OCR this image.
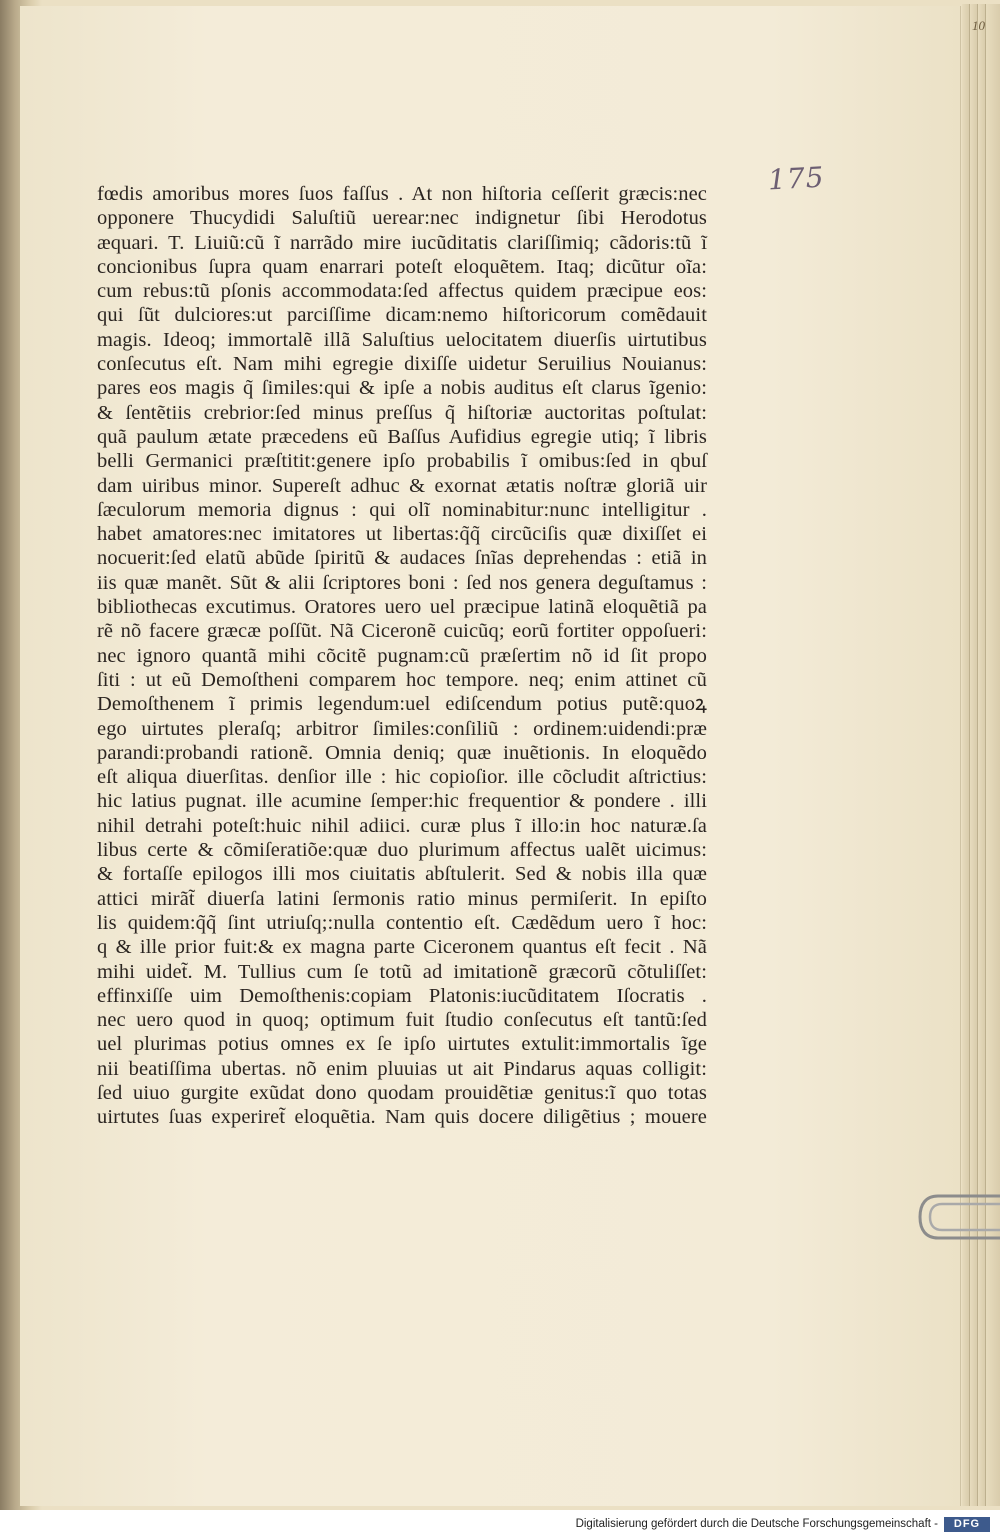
10
175
fœdis amoribus mores ſuos faſſus . At non hiſtoria ceſſerit græcis:nec
opponere Thucydidi Saluſtiũ uerear:nec indignetur ſibi Herodotus
æquari. T. Liuiũ:cũ ĩ narrãdo mire iucũditatis clariſſimiq; cãdoris:tũ ĩ
concionibus ſupra quam enarrari poteſt eloquẽtem. Itaq; dicũtur oĩa:
cum rebus:tũ pſonis accommodata:ſed affectus quidem præcipue eos:
qui ſũt dulciores:ut parciſſime dicam:nemo hiſtoricorum comẽdauit
magis. Ideoq; immortalẽ illã Saluſtius uelocitatem diuerſis uirtutibus
conſecutus eſt. Nam mihi egregie dixiſſe uidetur Seruilius Nouianus:
pares eos magis q̃ ſimiles:qui & ipſe a nobis auditus eſt clarus ĩgenio:
& ſentẽtiis crebrior:ſed minus preſſus q̃ hiſtoriæ auctoritas poſtulat:
quã paulum ætate præcedens eũ Baſſus Aufidius egregie utiq; ĩ libris
belli Germanici præſtitit:genere ipſo probabilis ĩ omibus:ſed in qbuſ
dam uiribus minor. Supereſt adhuc & exornat ætatis noſtræ gloriã uir
ſæculorum memoria dignus : qui olĩ nominabitur:nunc intelligitur .
habet amatores:nec imitatores ut libertas:q̃q̃ circũciſis quæ dixiſſet ei
nocuerit:ſed elatũ abũde ſpiritũ & audaces ſnĩas deprehendas : etiã in
iis quæ manẽt. Sũt & alii ſcriptores boni : ſed nos genera deguſtamus :
bibliothecas excutimus. Oratores uero uel præcipue latinã eloquẽtiã pa
rẽ nõ facere græcæ poſſũt. Nã Ciceronẽ cuicũq; eorũ fortiter oppoſueri:
nec ignoro quantã mihi cõcitẽ pugnam:cũ præſertim nõ id ſit propo
ſiti : ut eũ Demoſtheni comparem hoc tempore. neq; enim attinet cũ
Demoſthenem ĩ primis legendum:uel ediſcendum potius putẽ:quoꝝ
ego uirtutes pleraſq; arbitror ſimiles:conſiliũ : ordinem:uidendi:præ
parandi:probandi rationẽ. Omnia deniq; quæ inuẽtionis. In eloquẽdo
eſt aliqua diuerſitas. denſior ille : hic copioſior. ille cõcludit aſtrictius:
hic latius pugnat. ille acumine ſemper:hic frequentior & pondere . illi
nihil detrahi poteſt:huic nihil adiici. curæ plus ĩ illo:in hoc naturæ.ſa
libus certe & cõmiſeratiõe:quæ duo plurimum affectus ualẽt uicimus:
& fortaſſe epilogos illi mos ciuitatis abſtulerit. Sed & nobis illa quæ
attici mirãt̃ diuerſa latini ſermonis ratio minus permiſerit. In epiſto
lis quidem:q̃q̃ ſint utriuſq;:nulla contentio eſt. Cædẽdum uero ĩ hoc:
q & ille prior fuit:& ex magna parte Ciceronem quantus eſt fecit . Nã
mihi uidet̃. M. Tullius cum ſe totũ ad imitationẽ græcorũ cõtuliſſet:
effinxiſſe uim Demoſthenis:copiam Platonis:iucũditatem Iſocratis .
nec uero quod in quoq; optimum fuit ſtudio conſecutus eſt tantũ:ſed
uel plurimas potius omnes ex ſe ipſo uirtutes extulit:immortalis ĩge
nii beatiſſima ubertas. nõ enim pluuias ut ait Pindarus aquas colligit:
ſed uiuo gurgite exũdat dono quodam prouidẽtiæ genitus:ĩ quo totas
uirtutes ſuas experiret̃ eloquẽtia. Nam quis docere diligẽtius ; mouere
Digitalisierung gefördert durch die Deutsche Forschungsgemeinschaft -	DFG
